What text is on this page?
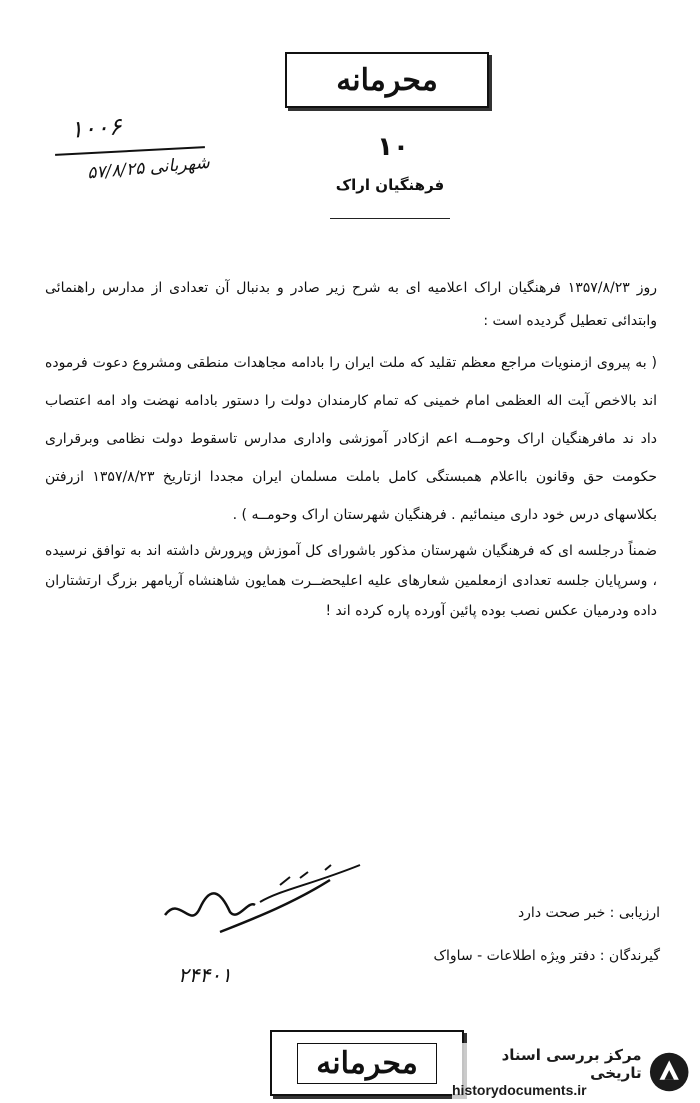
محرمانه
۱۰۰۶
شهربانی ۵۷/۸/۲۵
۱۰
فرهنگیان اراک

روز ۱۳۵۷/۸/۲۳ فرهنگیان اراک اعلامیه ای به شرح زیر صادر و بدنبال آن تعدادی از مدارس راهنمائی وابتدائی تعطیل گردیده است :

( به پیروی ازمنویات مراجع معظم تقلید که ملت ایران را بادامه مجاهدات منطقی ومشروع دعوت فرموده اند بالاخص آیت اله العظمی امام خمینی که تمام کارمندان دولت را دستور بادامه نهضت واد امه اعتصاب داد ند مافرهنگیان اراک وحومــه اعم ازکادر آموزشی واداری مدارس تاسقوط دولت نظامی وبرقراری حکومت حق وقانون بااعلام همبستگی کامل باملت مسلمان ایران مجددا ازتاریخ ۱۳۵۷/۸/۲۳ ازرفتن بکلاسهای درس خود داری مینمائیم . فرهنگیان شهرستان اراک وحومــه ) .

ضمناً درجلسه ای که فرهنگیان شهرستان مذکور باشورای کل آموزش وپرورش داشته اند به توافق نرسیده ، وسرپایان جلسه تعدادی ازمعلمین شعارهای علیه اعلیحضــرت همایون شاهنشاه آریامهر بزرگ ارتشتاران داده ودرمیان عکس نصب بوده پائین آورده پاره کرده اند !

ارزیابی : خبر صحت دارد
گیرندگان : دفتر ویژه اطلاعات - ساواک
۲۴۴۰۱
محرمانه	مرکز بررسی اسناد تاریخی
historydocuments.ir
